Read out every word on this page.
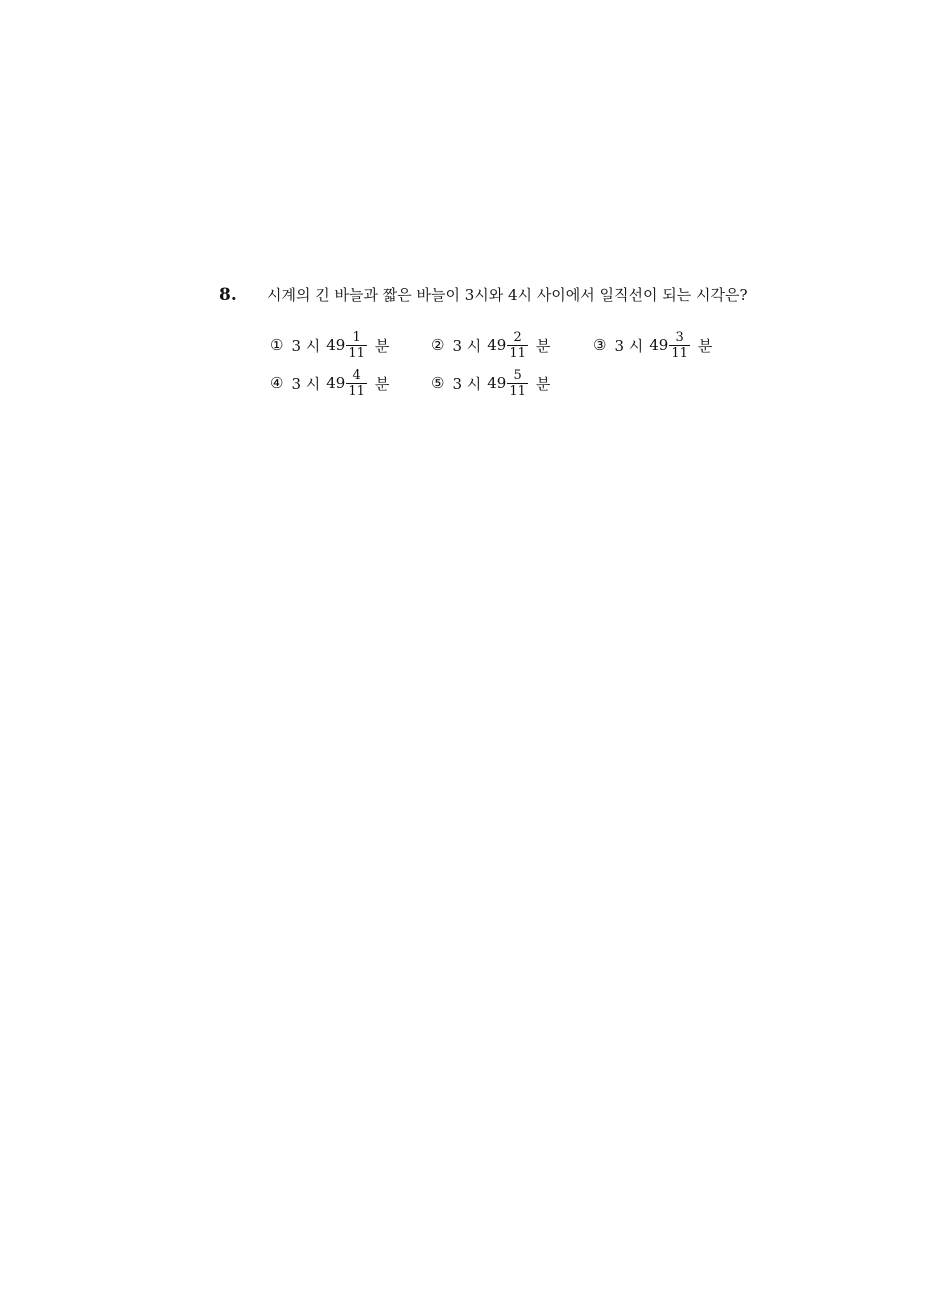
8. 시계의 긴 바늘과 짧은 바늘이 3시와 4시 사이에서 일직선이 되는 시각은?
① 3 시 $49 \frac{1}{11}$ 분	② 3 시 $49 \frac{2}{11}$ 분	③ 3 시 $49 \frac{3}{11}$ 분
④ 3 시 $49 \frac{4}{11}$ 분	⑤ 3 시 $49 \frac{5}{11}$ 분
